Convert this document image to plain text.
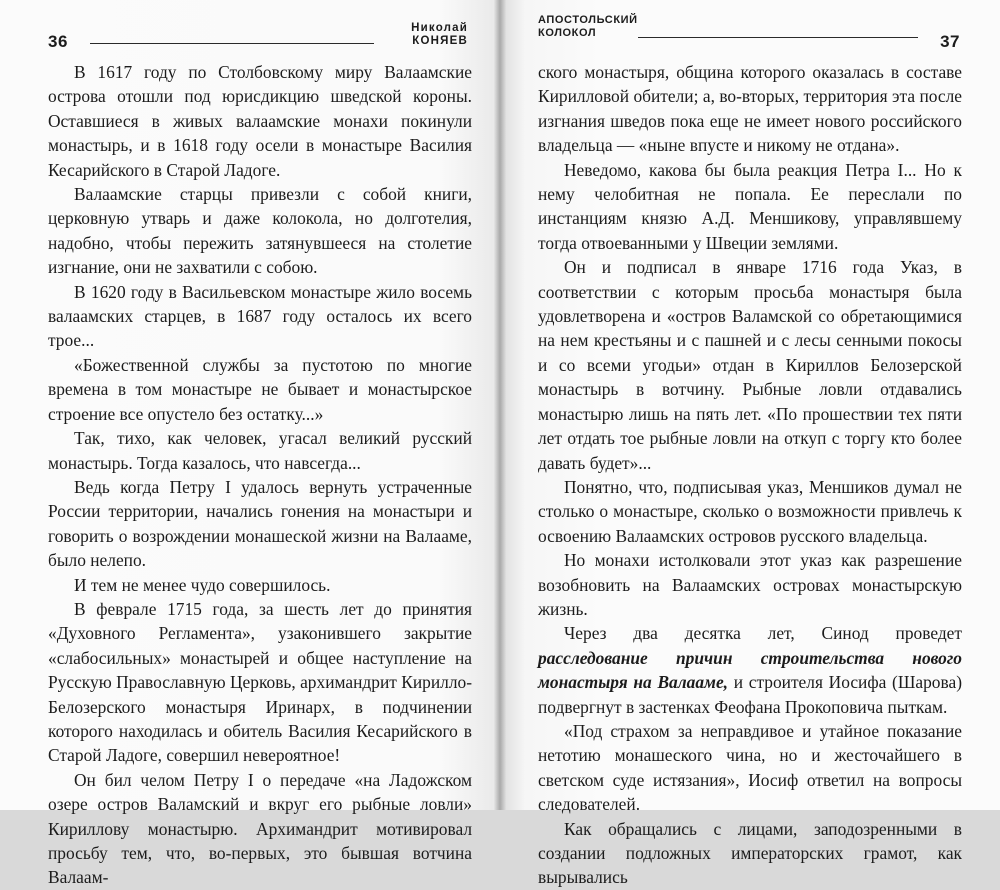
36
Николай
КОНЯЕВ

В 1617 году по Столбовскому миру Валаамские острова отошли под юрисдикцию шведской короны. Оставшиеся в живых валаамские монахи покинули монастырь, и в 1618 году осели в монастыре Василия Кесарийского в Старой Ладоге.

Валаамские старцы привезли с собой книги, церковную утварь и даже колокола, но долготелия, надобно, чтобы пережить затянувшееся на столетие изгнание, они не захватили с собою.

В 1620 году в Васильевском монастыре жило восемь валаамских старцев, в 1687 году осталось их всего трое...

«Божественной службы за пустотою по многие времена в том монастыре не бывает и монастырское строение все опустело без остатку...»

Так, тихо, как человек, угасал великий русский монастырь. Тогда казалось, что навсегда...

Ведь когда Петру I удалось вернуть устраченные России территории, начались гонения на монастыри и говорить о возрождении монашеской жизни на Валааме, было нелепо.

И тем не менее чудо совершилось.

В феврале 1715 года, за шесть лет до принятия «Духовного Регламента», узаконившего закрытие «слабосильных» монастырей и общее наступление на Русскую Православную Церковь, архимандрит Кирилло-Белозерского монастыря Иринарх, в подчинении которого находилась и обитель Василия Кесарийского в Старой Ладоге, совершил невероятное!

Он бил челом Петру I о передаче «на Ладожском озере остров Валамский и вкруг его рыбные ловли» Кириллову монастырю. Архимандрит мотивировал просьбу тем, что, во-первых, это бывшая вотчина Валаам-

АПОСТОЛЬСКИЙ
КОЛОКОЛ	37

ского монастыря, община которого оказалась в составе Кирилловой обители; а, во-вторых, территория эта после изгнания шведов пока еще не имеет нового российского владельца — «ныне впусте и никому не отдана».

Неведомо, какова бы была реакция Петра I... Но к нему челобитная не попала. Ее переслали по инстанциям князю А.Д. Меншикову, управлявшему тогда отвоеванными у Швеции землями.

Он и подписал в январе 1716 года Указ, в соответствии с которым просьба монастыря была удовлетворена и «остров Валамской со обретающимися на нем крестьяны и с пашней и с лесы сенными покосы и со всеми угодьи» отдан в Кириллов Белозерской монастырь в вотчину. Рыбные ловли отдавались монастырю лишь на пять лет. «По прошествии тех пяти лет отдать тое рыбные ловли на откуп с торгу кто более давать будет»...

Понятно, что, подписывая указ, Меншиков думал не столько о монастыре, сколько о возможности привлечь к освоению Валаамских островов русского владельца.

Но монахи истолковали этот указ как разрешение возобновить на Валаамских островах монастырскую жизнь.

Через два десятка лет, Синод проведет расследование причин строительства нового монастыря на Валааме, и строителя Иосифа (Шарова) подвергнут в застенках Феофана Прокоповича пыткам.

«Под страхом за неправдивое и утайное показание нетотию монашеского чина, но и жесточайшего в светском суде истязания», Иосиф ответил на вопросы следователей.

Как обращались с лицами, заподозренными в создании подложных императорских грамот, как вырывались
